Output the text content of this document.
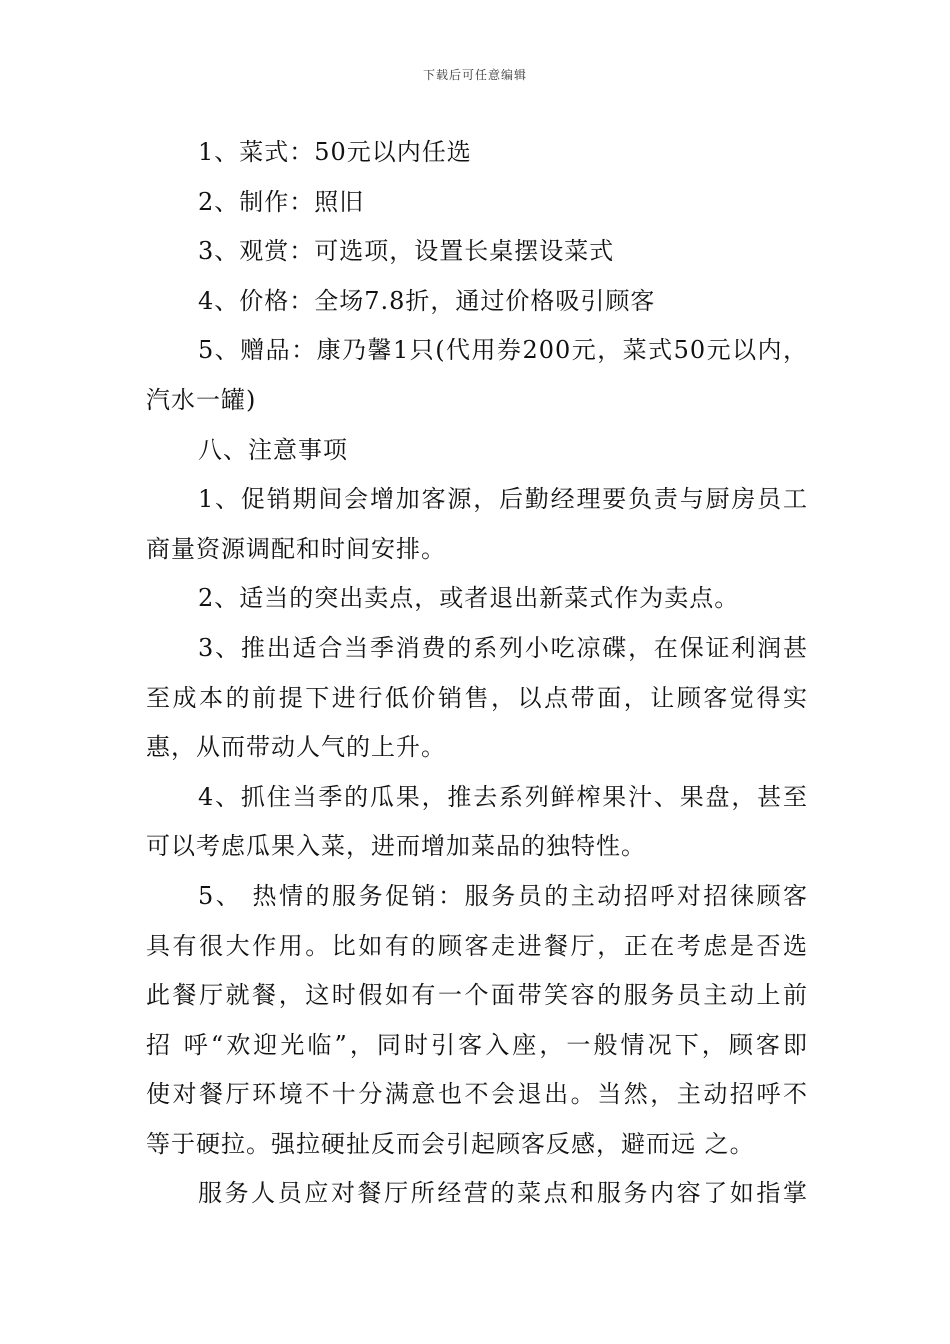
下载后可任意编辑
1、菜式：50元以内任选
2、制作：照旧
3、观赏：可选项，设置长桌摆设菜式
4、价格：全场7.8折，通过价格吸引顾客
5、赠品：康乃馨1只(代用券200元，菜式50元以内，
汽水一罐)
八、注意事项
1、促销期间会增加客源，后勤经理要负责与厨房员工
商量资源调配和时间安排。
2、适当的突出卖点，或者退出新菜式作为卖点。
3、推出适合当季消费的系列小吃凉碟，在保证利润甚
至成本的前提下进行低价销售，以点带面，让顾客觉得实
惠，从而带动人气的上升。
4、抓住当季的瓜果，推去系列鲜榨果汁、果盘，甚至
可以考虑瓜果入菜，进而增加菜品的独特性。
5、 热情的服务促销：服务员的主动招呼对招徕顾客
具有很大作用。比如有的顾客走进餐厅，正在考虑是否选
此餐厅就餐，这时假如有一个面带笑容的服务员主动上前
招 呼“欢迎光临”，同时引客入座，一般情况下，顾客即
使对餐厅环境不十分满意也不会退出。当然，主动招呼不
等于硬拉。强拉硬扯反而会引起顾客反感，避而远 之。
服务人员应对餐厅所经营的菜点和服务内容了如指掌
